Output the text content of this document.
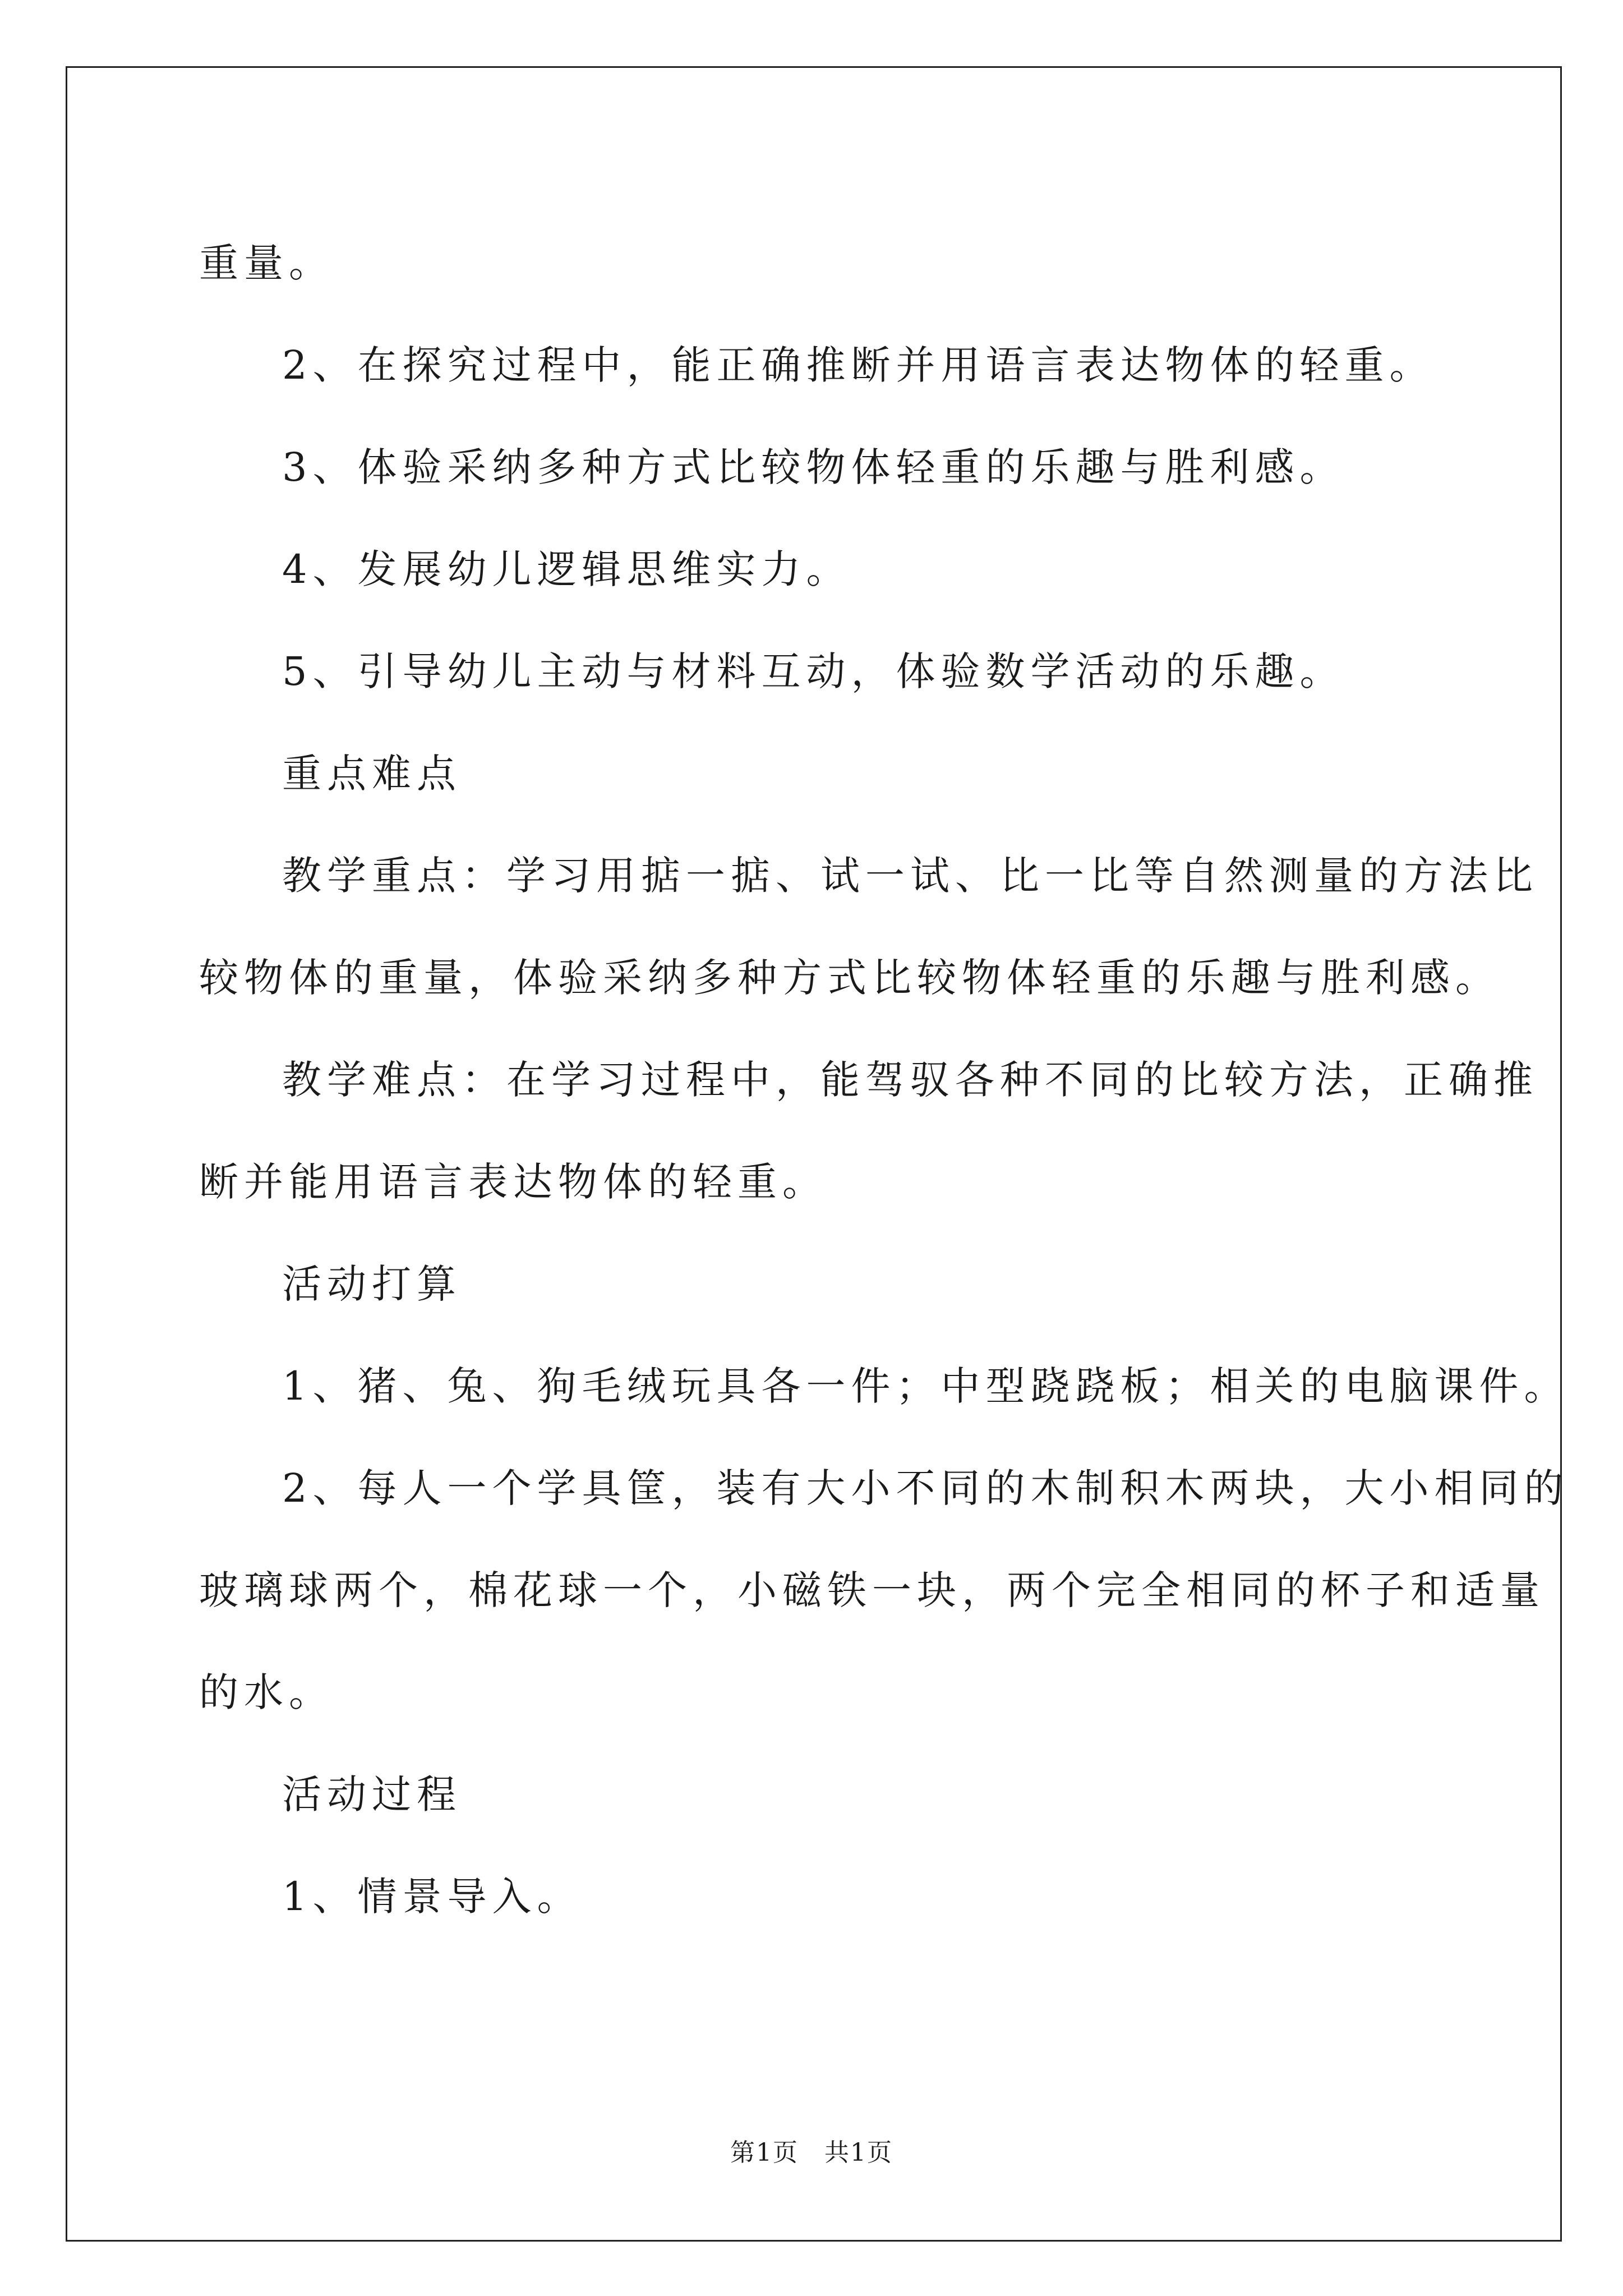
重量。

2、在探究过程中，能正确推断并用语言表达物体的轻重。

3、体验采纳多种方式比较物体轻重的乐趣与胜利感。

4、发展幼儿逻辑思维实力。

5、引导幼儿主动与材料互动，体验数学活动的乐趣。

重点难点

教学重点：学习用掂一掂、试一试、比一比等自然测量的方法比

较物体的重量，体验采纳多种方式比较物体轻重的乐趣与胜利感。

教学难点：在学习过程中，能驾驭各种不同的比较方法，正确推

断并能用语言表达物体的轻重。

活动打算

1、猪、兔、狗毛绒玩具各一件；中型跷跷板；相关的电脑课件。

2、每人一个学具筐，装有大小不同的木制积木两块，大小相同的

玻璃球两个，棉花球一个，小磁铁一块，两个完全相同的杯子和适量

的水。

活动过程

1、情景导入。

第1页　共1页
